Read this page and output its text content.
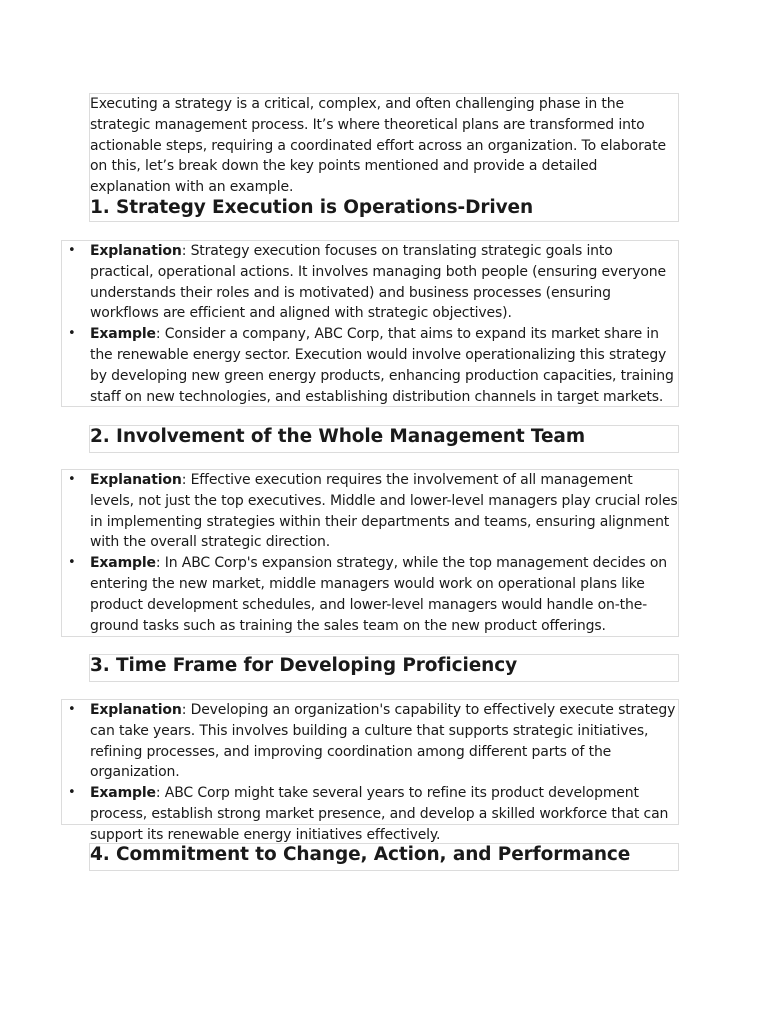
Executing a strategy is a critical, complex, and often challenging phase in the strategic management process. It’s where theoretical plans are transformed into actionable steps, requiring a coordinated effort across an organization. To elaborate on this, let’s break down the key points mentioned and provide a detailed explanation with an example.

1. Strategy Execution is Operations-Driven
• Explanation: Strategy execution focuses on translating strategic goals into practical, operational actions. It involves managing both people (ensuring everyone understands their roles and is motivated) and business processes (ensuring workflows are efficient and aligned with strategic objectives).
• Example: Consider a company, ABC Corp, that aims to expand its market share in the renewable energy sector. Execution would involve operationalizing this strategy by developing new green energy products, enhancing production capacities, training staff on new technologies, and establishing distribution channels in target markets.
2. Involvement of the Whole Management Team
• Explanation: Effective execution requires the involvement of all management levels, not just the top executives. Middle and lower-level managers play crucial roles in implementing strategies within their departments and teams, ensuring alignment with the overall strategic direction.
• Example: In ABC Corp's expansion strategy, while the top management decides on entering the new market, middle managers would work on operational plans like product development schedules, and lower-level managers would handle on-the-ground tasks such as training the sales team on the new product offerings.
3. Time Frame for Developing Proficiency
• Explanation: Developing an organization's capability to effectively execute strategy can take years. This involves building a culture that supports strategic initiatives, refining processes, and improving coordination among different parts of the organization.
• Example: ABC Corp might take several years to refine its product development process, establish strong market presence, and develop a skilled workforce that can support its renewable energy initiatives effectively.
4. Commitment to Change, Action, and Performance
